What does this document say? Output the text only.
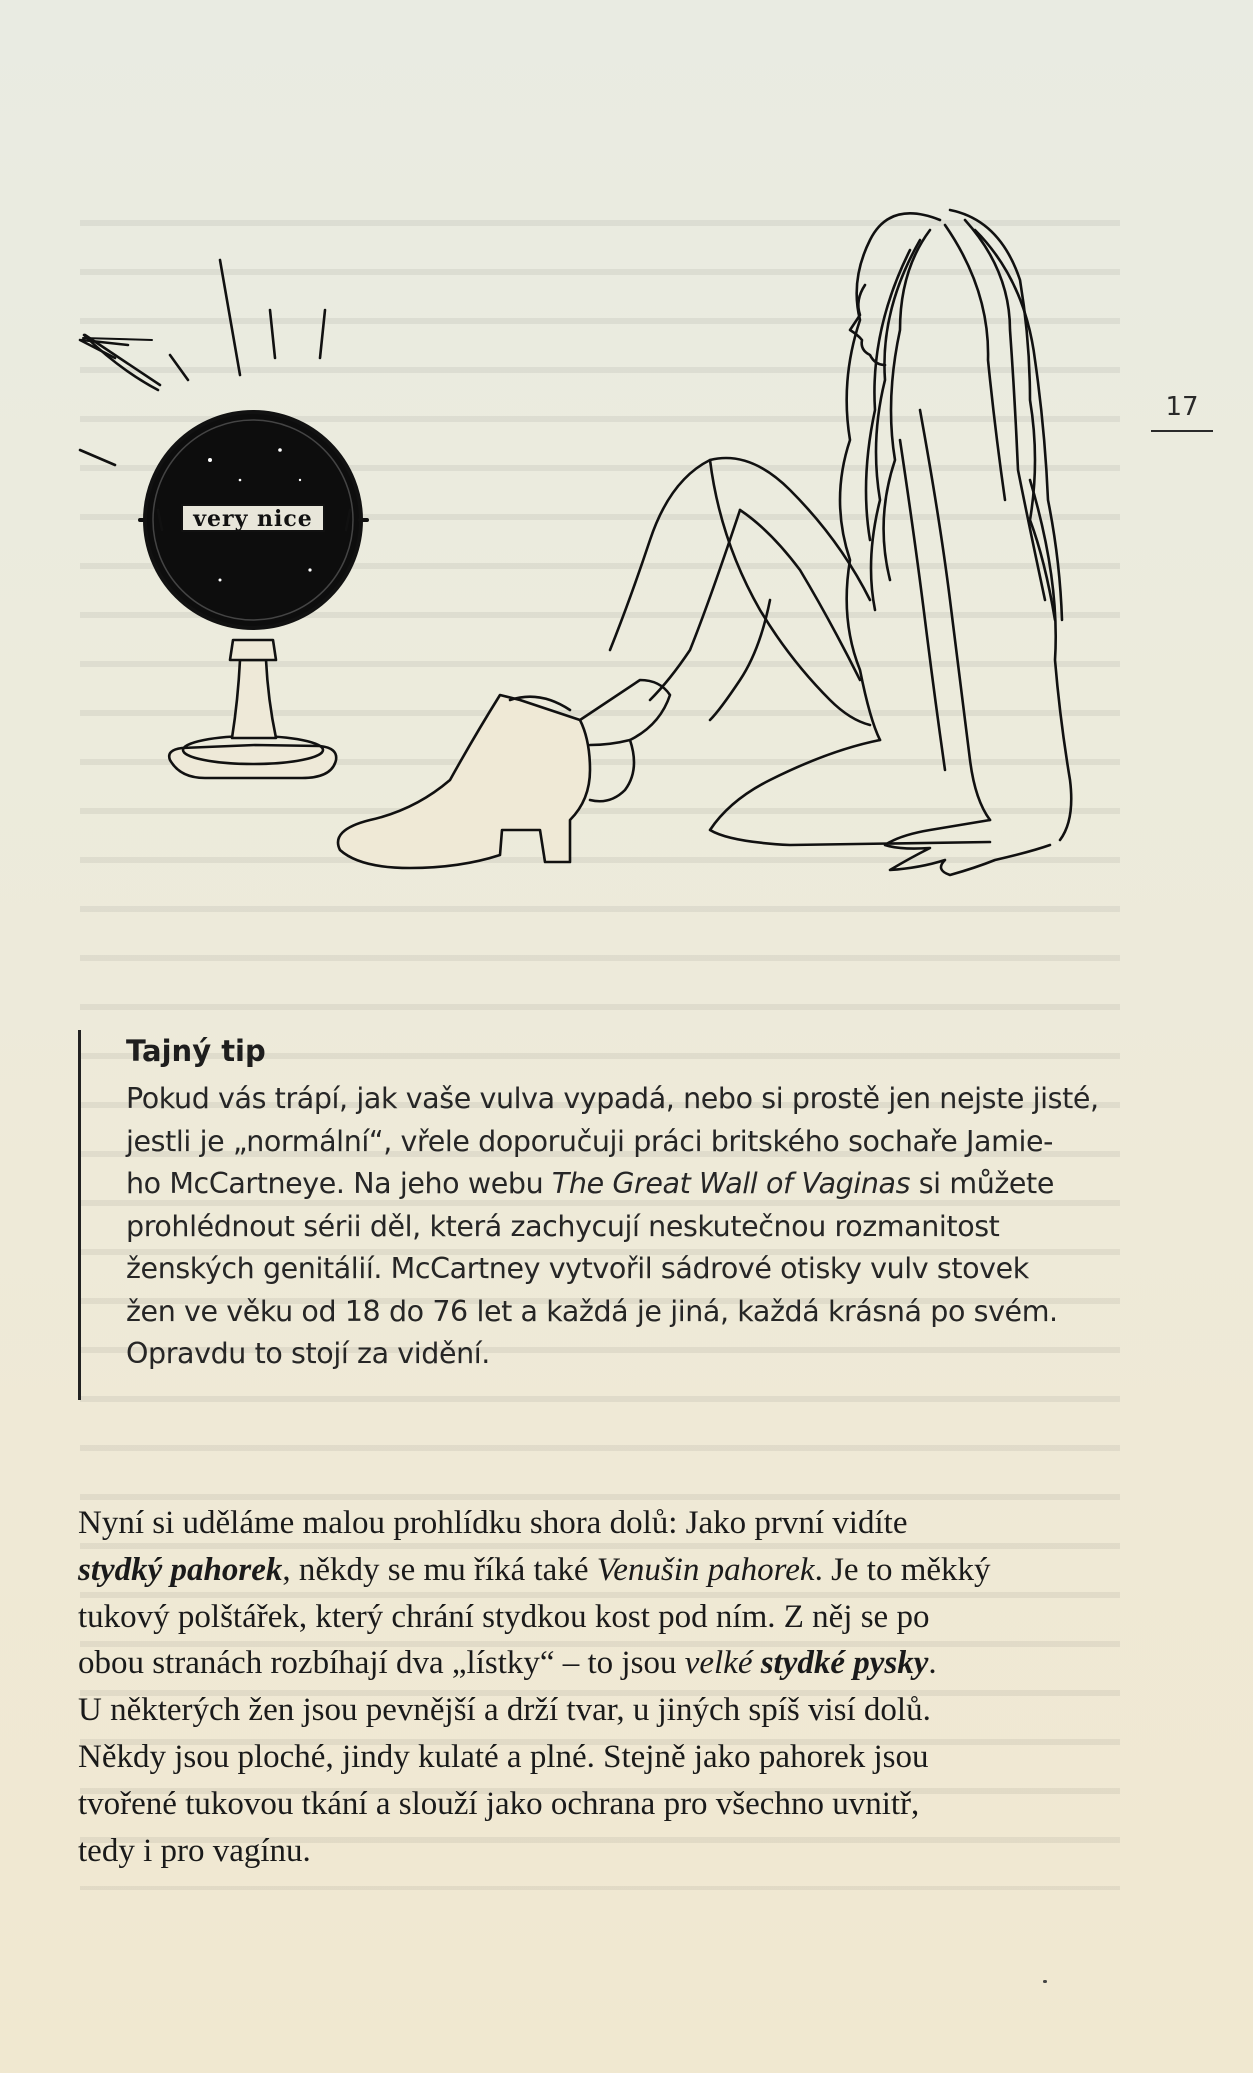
17
very nice
Tajný tip
Pokud vás trápí, jak vaše vulva vypadá, nebo si prostě jen nejste jisté,
jestli je „normální“, vřele doporučuji práci britského sochaře Jamie-
ho McCartneye. Na jeho webu The Great Wall of Vaginas si můžete
prohlédnout sérii děl, která zachycují neskutečnou rozmanitost
ženských genitálií. McCartney vytvořil sádrové otisky vulv stovek
žen ve věku od 18 do 76 let a každá je jiná, každá krásná po svém.
Opravdu to stojí za vidění.
Nyní si uděláme malou prohlídku shora dolů: Jako první vidíte
stydký pahorek, někdy se mu říká také Venušin pahorek. Je to měkký
tukový polštářek, který chrání stydkou kost pod ním. Z něj se po
obou stranách rozbíhají dva „lístky“ – to jsou velké stydké pysky.
U některých žen jsou pevnější a drží tvar, u jiných spíš visí dolů.
Někdy jsou ploché, jindy kulaté a plné. Stejně jako pahorek jsou
tvořené tukovou tkání a slouží jako ochrana pro všechno uvnitř,
tedy i pro vagínu.
